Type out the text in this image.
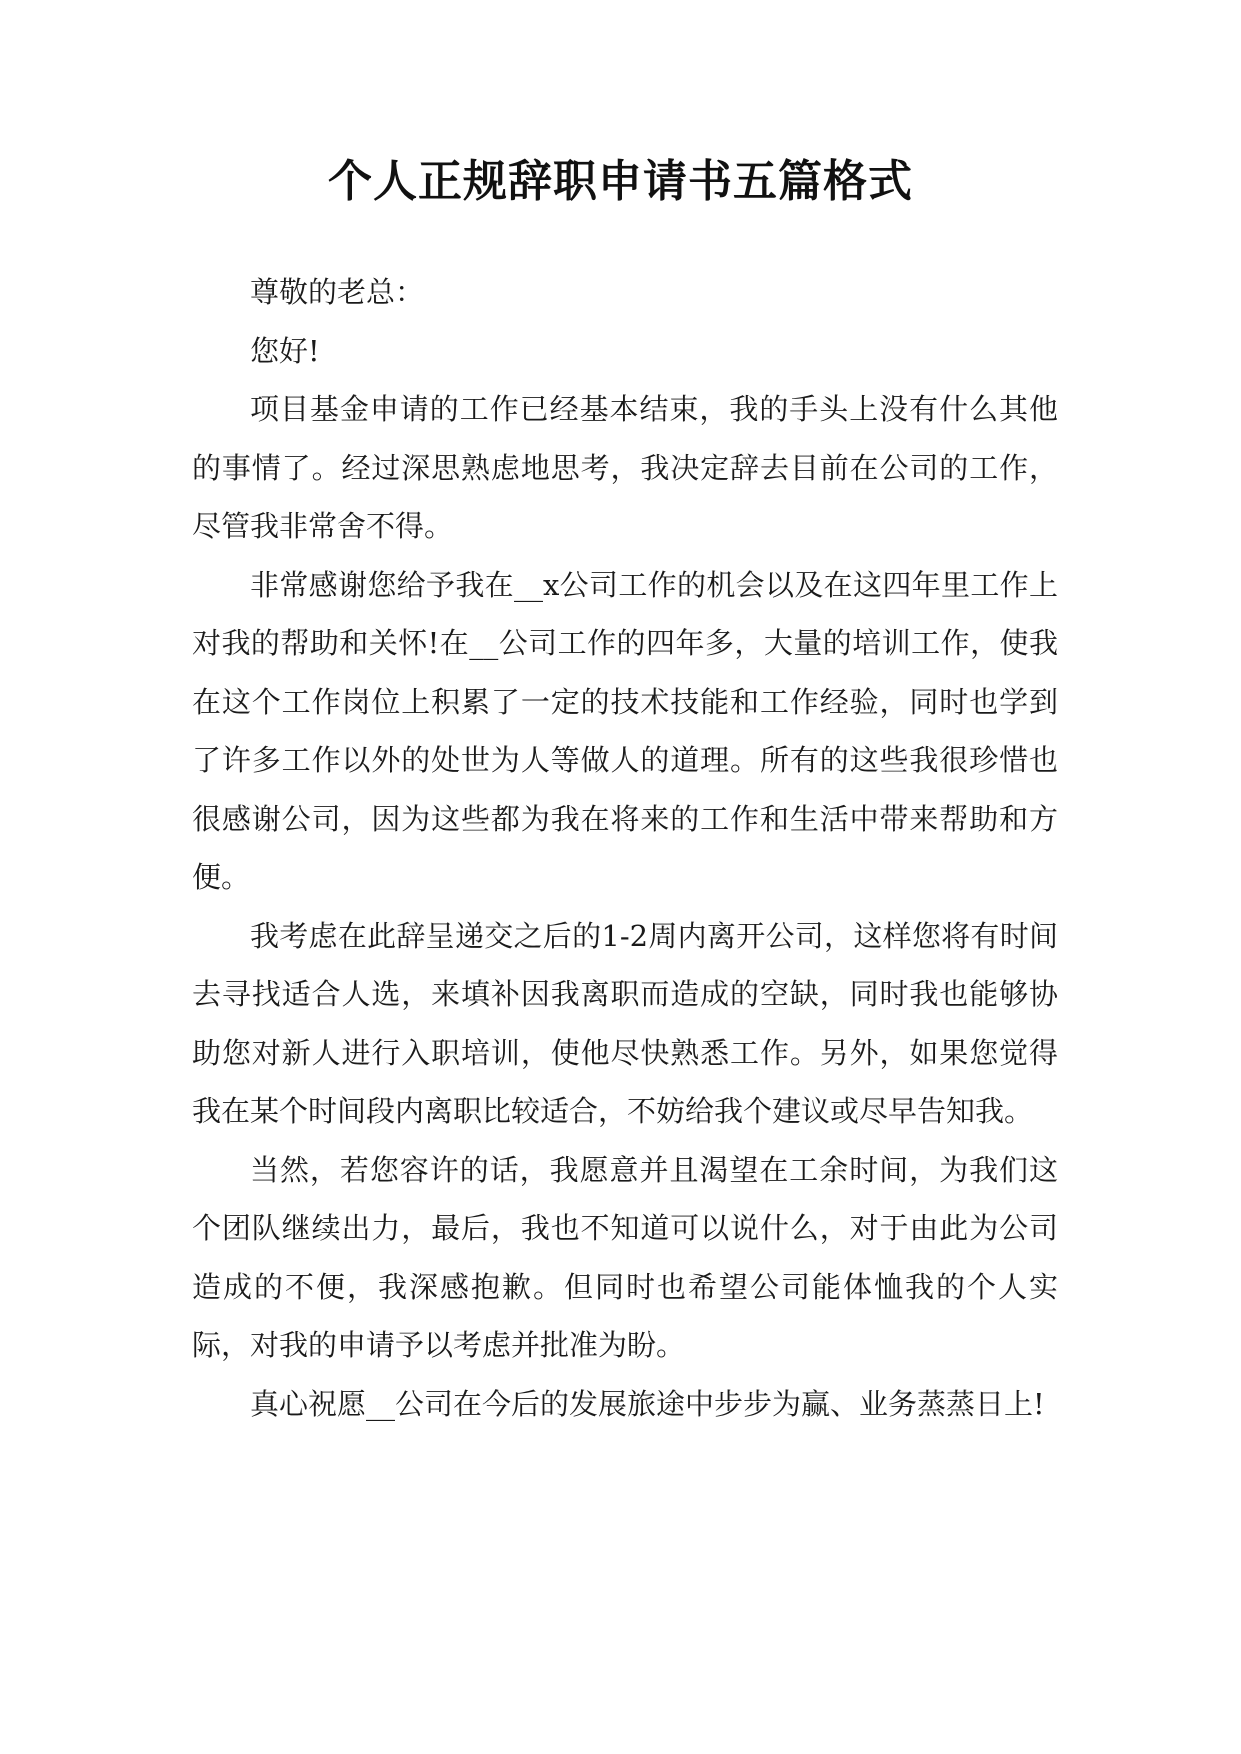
个人正规辞职申请书五篇格式

尊敬的老总：

您好!

项目基金申请的工作已经基本结束，我的手头上没有什么其他的事情了。经过深思熟虑地思考，我决定辞去目前在公司的工作，尽管我非常舍不得。

非常感谢您给予我在__x公司工作的机会以及在这四年里工作上对我的帮助和关怀!在__公司工作的四年多，大量的培训工作，使我在这个工作岗位上积累了一定的技术技能和工作经验，同时也学到了许多工作以外的处世为人等做人的道理。所有的这些我很珍惜也很感谢公司，因为这些都为我在将来的工作和生活中带来帮助和方便。

我考虑在此辞呈递交之后的1-2周内离开公司，这样您将有时间去寻找适合人选，来填补因我离职而造成的空缺，同时我也能够协助您对新人进行入职培训，使他尽快熟悉工作。另外，如果您觉得我在某个时间段内离职比较适合，不妨给我个建议或尽早告知我。

当然，若您容许的话，我愿意并且渴望在工余时间，为我们这个团队继续出力，最后，我也不知道可以说什么，对于由此为公司造成的不便，我深感抱歉。但同时也希望公司能体恤我的个人实际，对我的申请予以考虑并批准为盼。

真心祝愿__公司在今后的发展旅途中步步为赢、业务蒸蒸日上!
